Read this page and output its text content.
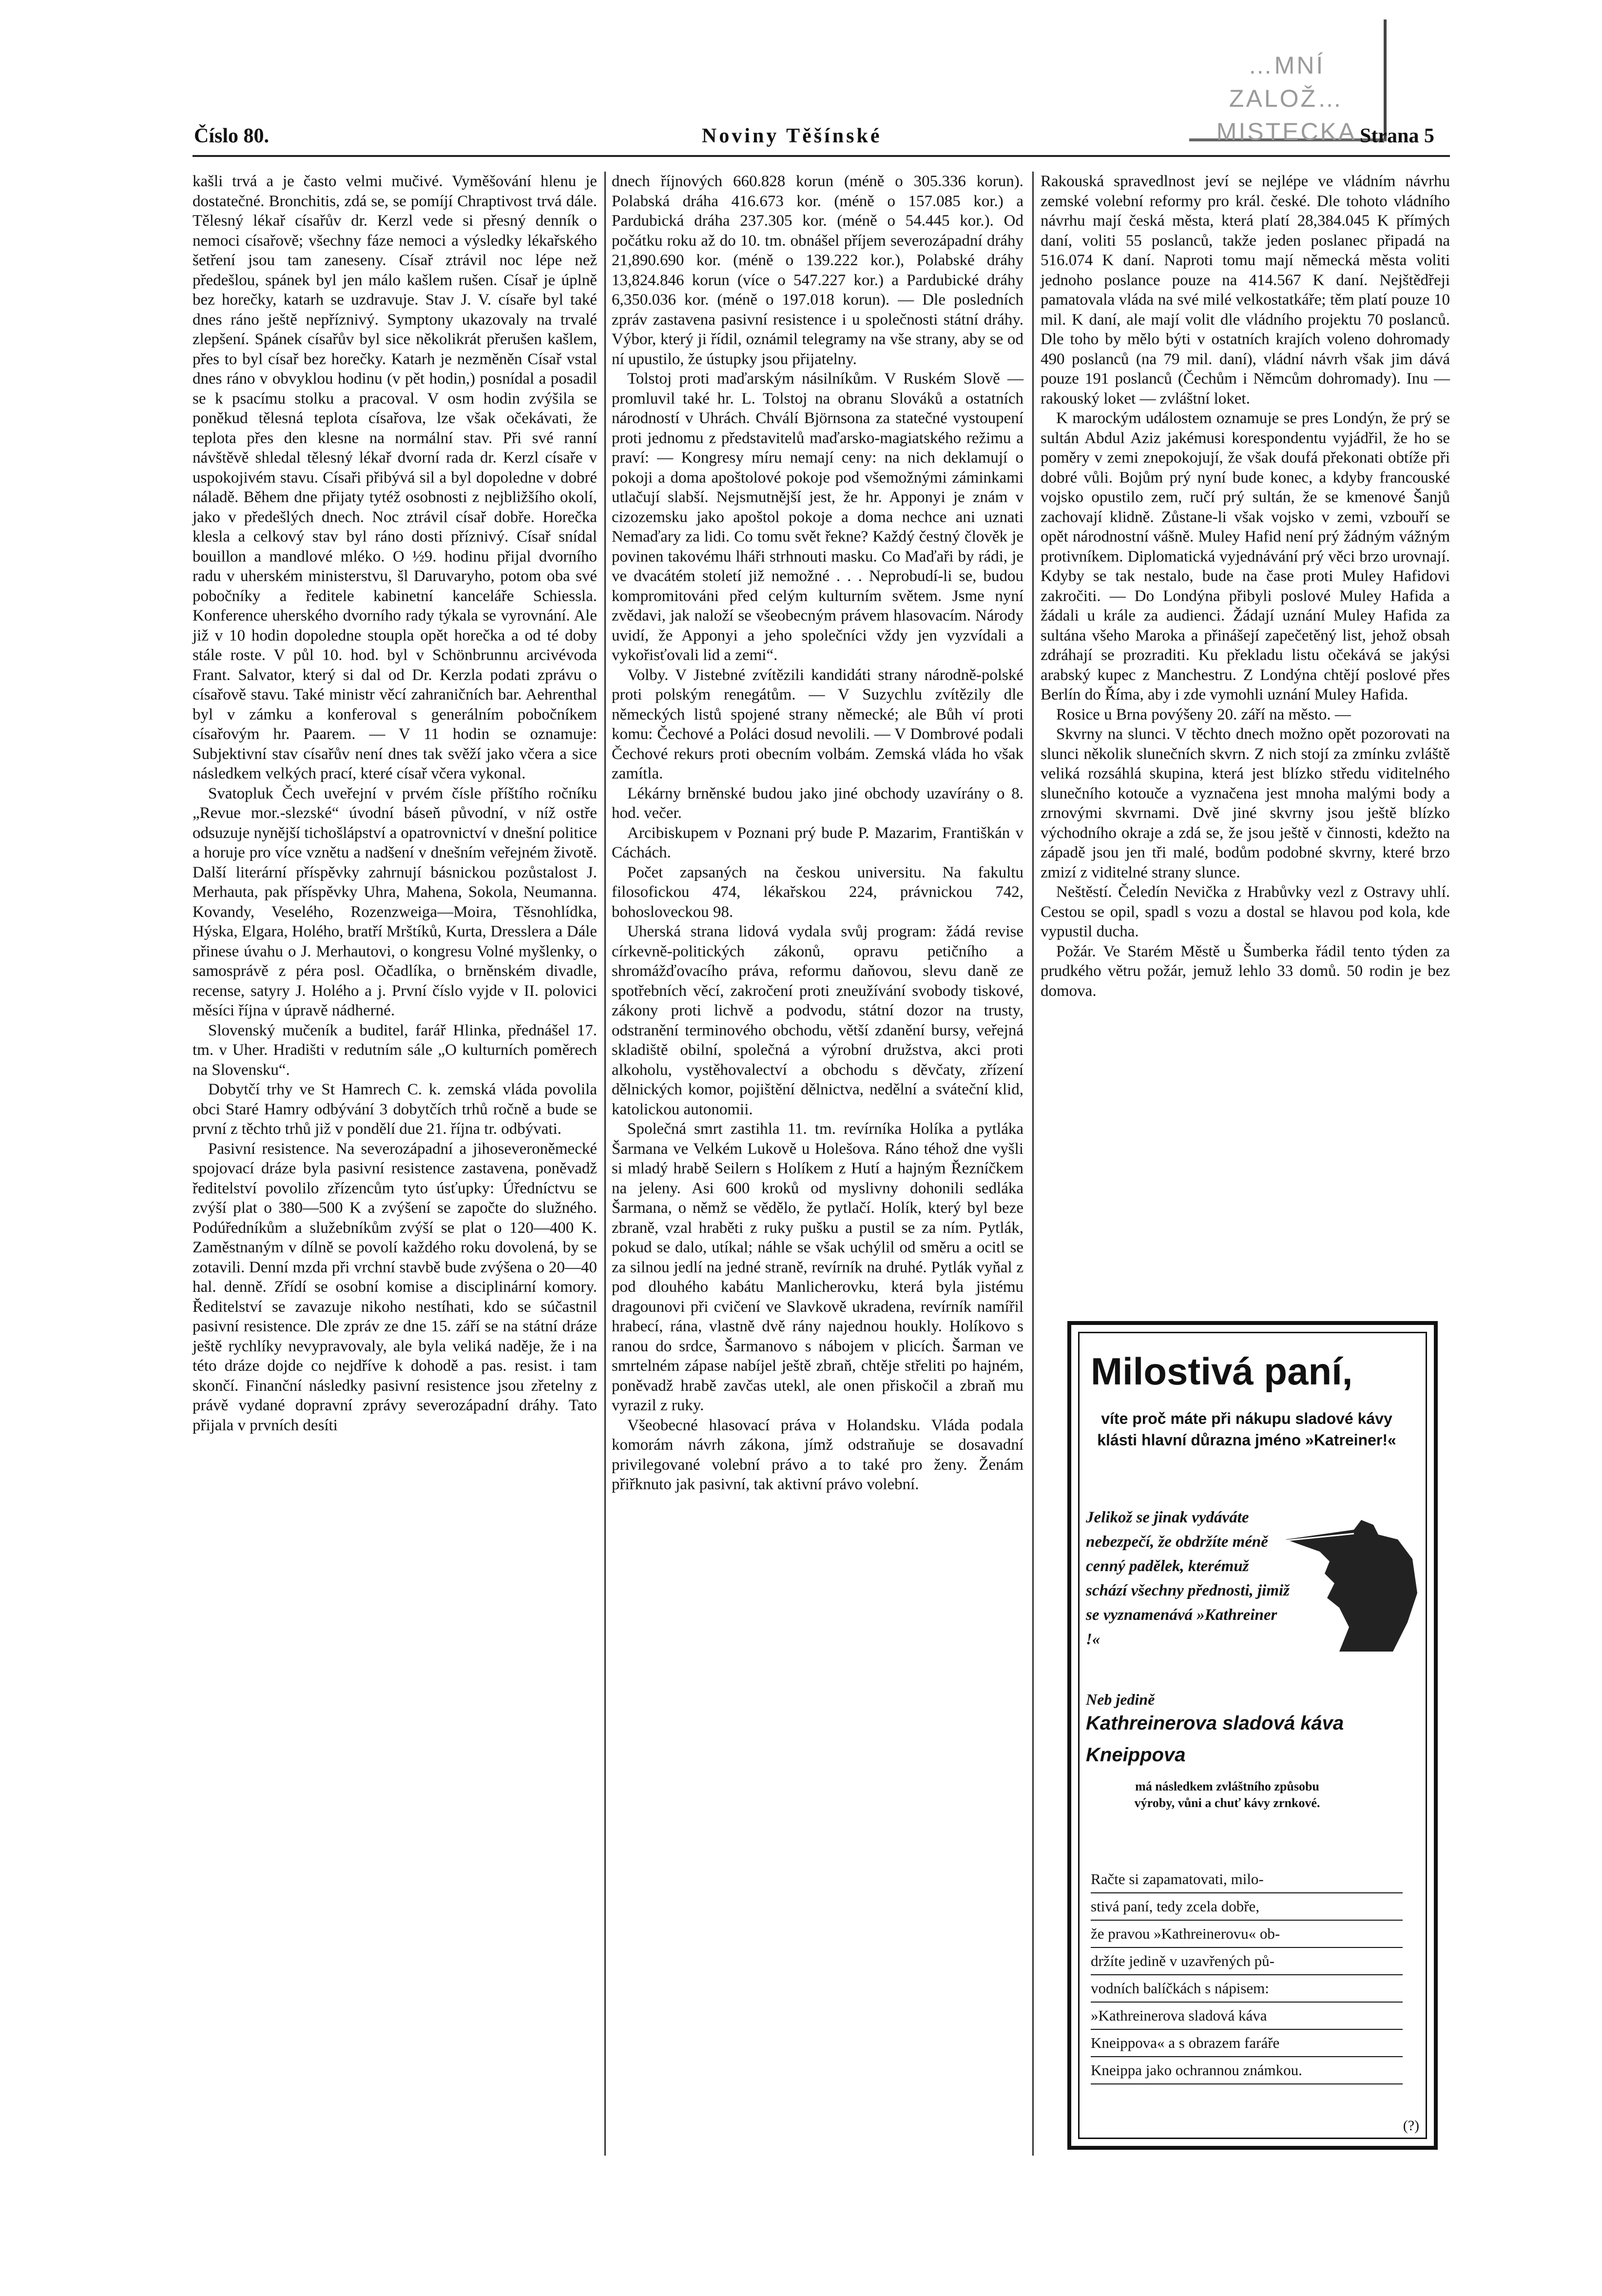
…MNÍ ZALOŽ…
MISTECKA
Číslo 80.	Noviny Těšínské	Strana 5

kašli trvá a je často velmi mučivé. Vyměšování hlenu je dostatečné. Bronchitis, zdá se, se pomíjí Chraptivost trvá dále. Tělesný lékař císařův dr. Kerzl vede si přesný denník o nemoci císařově; všechny fáze nemoci a výsledky lékařského šetření jsou tam zaneseny. Císař ztrávil noc lépe než předešlou, spánek byl jen málo kašlem rušen. Císař je úplně bez horečky, katarh se uzdravuje. Stav J. V. císaře byl také dnes ráno ještě nepříznivý. Symptony ukazovaly na trvalé zlepšení. Spánek císařův byl sice několikrát přerušen kašlem, přes to byl císař bez horečky. Katarh je nezměněn Císař vstal dnes ráno v obvyklou hodinu (v pět hodin,) posnídal a posadil se k psacímu stolku a pracoval. V osm hodin zvýšila se poněkud tělesná teplota císařova, lze však očekávati, že teplota přes den klesne na normální stav. Při své ranní návštěvě shledal tělesný lékař dvorní rada dr. Kerzl císaře v uspokojivém stavu. Císaři přibývá sil a byl dopoledne v dobré náladě. Během dne přijaty tytéž osobnosti z nejbližšího okolí, jako v předešlých dnech. Noc ztrávil císař dobře. Horečka klesla a celkový stav byl ráno dosti příznivý. Císař snídal bouillon a mandlové mléko. O ½9. hodinu přijal dvorního radu v uherském ministerstvu, šl Daruvaryho, potom oba své pobočníky a ředitele kabinetní kanceláře Schiessla. Konference uherského dvorního rady týkala se vyrovnání. Ale již v 10 hodin dopoledne stoupla opět horečka a od té doby stále roste. V půl 10. hod. byl v Schönbrunnu arcivévoda Frant. Salvator, který si dal od Dr. Kerzla podati zprávu o císařově stavu. Také ministr věcí zahraničních bar. Aehrenthal byl v zámku a konferoval s generálním pobočníkem císařovým hr. Paarem. — V 11 hodin se oznamuje: Subjektivní stav císařův není dnes tak svěží jako včera a sice následkem velkých prací, které císař včera vykonal.

Svatopluk Čech uveřejní v prvém čísle příštího ročníku „Revue mor.-slezské“ úvodní báseň původní, v níž ostře odsuzuje nynější tichošlápství a opatrovnictví v dnešní politice a horuje pro více vznětu a nadšení v dnešním veřejném životě. Další literární příspěvky zahrnují básnickou pozůstalost J. Merhauta, pak příspěvky Uhra, Mahena, Sokola, Neumanna. Kovandy, Veselého, Rozenzweiga—Moira, Těsnohlídka, Hýska, Elgara, Holého, bratří Mrštíků, Kurta, Dresslera a Dále přinese úvahu o J. Merhautovi, o kongresu Volné myšlenky, o samosprávě z péra posl. Očadlíka, o brněnském divadle, recense, satyry J. Holého a j. První číslo vyjde v II. polovici měsíci října v úpravě nádherné.

Slovenský mučeník a buditel, farář Hlinka, přednášel 17. tm. v Uher. Hradišti v redutním sále „O kulturních poměrech na Slovensku“.

Dobytčí trhy ve St Hamrech C. k. zemská vláda povolila obci Staré Hamry odbývání 3 dobytčích trhů ročně a bude se první z těchto trhů již v pondělí due 21. října tr. odbývati.

Pasivní resistence. Na severozápadní a jihoseveroněmecké spojovací dráze byla pasivní resistence zastavena, poněvadž ředitelství povolilo zřízencům tyto úsťupky: Úředníctvu se zvýší plat o 380—500 K a zvýšení se započte do služného. Podúředníkům a služebníkům zvýší se plat o 120—400 K. Zaměstnaným v dílně se povolí každého roku dovolená, by se zotavili. Denní mzda při vrchní stavbě bude zvýšena o 20—40 hal. denně. Zřídí se osobní komise a disciplinární komory. Ředitelství se zavazuje nikoho nestíhati, kdo se súčastnil pasivní resistence. Dle zpráv ze dne 15. září se na státní dráze ještě rychlíky nevypravovaly, ale byla veliká naděje, že i na této dráze dojde co nejdříve k dohodě a pas. resist. i tam skončí. Finanční následky pasivní resistence jsou zřetelny z právě vydané dopravní zprávy severozápadní dráhy. Tato přijala v prvních desíti

dnech říjnových 660.828 korun (méně o 305.336 korun). Polabská dráha 416.673 kor. (méně o 157.085 kor.) a Pardubická dráha 237.305 kor. (méně o 54.445 kor.). Od počátku roku až do 10. tm. obnášel příjem severozápadní dráhy 21,890.690 kor. (méně o 139.222 kor.), Polabské dráhy 13,824.846 korun (více o 547.227 kor.) a Pardubické dráhy 6,350.036 kor. (méně o 197.018 korun). — Dle posledních zpráv zastavena pasivní resistence i u společnosti státní dráhy. Výbor, který ji řídil, oznámil telegramy na vše strany, aby se od ní upustilo, že ústupky jsou přijatelny.

Tolstoj proti maďarským násilníkům. V Ruském Slově — promluvil také hr. L. Tolstoj na obranu Slováků a ostatních národností v Uhrách. Chválí Björnsona za statečné vystoupení proti jednomu z představitelů maďarsko-magiatského režimu a praví: — Kongresy míru nemají ceny: na nich deklamují o pokoji a doma apoštolové pokoje pod všemožnými záminkami utlačují slabší. Nejsmutnější jest, že hr. Apponyi je znám v cizozemsku jako apoštol pokoje a doma nechce ani uznati Nemaďary za lidi. Co tomu svět řekne? Každý čestný člověk je povinen takovému lháři strhnouti masku. Co Maďaři by rádi, je ve dvacátém století již nemožné . . . Neprobudí-li se, budou kompromitováni před celým kulturním světem. Jsme nyní zvědavi, jak naloží se všeobecným právem hlasovacím. Národy uvidí, že Apponyi a jeho společníci vždy jen vyzvídali a vykořisťovali lid a zemi“.

Volby. V Jistebné zvítězili kandidáti strany národně-polské proti polským renegátům. — V Suzychlu zvítězily dle německých listů spojené strany německé; ale Bůh ví proti komu: Čechové a Poláci dosud nevolili. — V Dombrové podali Čechové rekurs proti obecním volbám. Zemská vláda ho však zamítla.

Lékárny brněnské budou jako jiné obchody uzavírány o 8. hod. večer.

Arcibiskupem v Poznani prý bude P. Mazarim, Františkán v Cáchách.

Počet zapsaných na českou universitu. Na fakultu filosofickou 474, lékařskou 224, právnickou 742, bohosloveckou 98.

Uherská strana lidová vydala svůj program: žádá revise církevně-politických zákonů, opravu petičního a shromážďovacího práva, reformu daňovou, slevu daně ze spotřebních věcí, zakročení proti zneužívání svobody tiskové, zákony proti lichvě a podvodu, státní dozor na trusty, odstranění terminového obchodu, větší zdanění bursy, veřejná skladiště obilní, společná a výrobní družstva, akci proti alkoholu, vystěhovalectví a obchodu s děvčaty, zřízení dělnických komor, pojištění dělnictva, nedělní a sváteční klid, katolickou autonomii.

Společná smrt zastihla 11. tm. revírníka Holíka a pytláka Šarmana ve Velkém Lukově u Holešova. Ráno téhož dne vyšli si mladý hrabě Seilern s Holíkem z Hutí a hajným Řezníčkem na jeleny. Asi 600 kroků od myslivny dohonili sedláka Šarmana, o němž se vědělo, že pytlačí. Holík, který byl beze zbraně, vzal hraběti z ruky pušku a pustil se za ním. Pytlák, pokud se dalo, utíkal; náhle se však uchýlil od směru a ocitl se za silnou jedlí na jedné straně, revírník na druhé. Pytlák vyňal z pod dlouhého kabátu Manlicherovku, která byla jistému dragounovi při cvičení ve Slavkově ukradena, revírník namířil hrabecí, rána, vlastně dvě rány najednou houkly. Holíkovo s ranou do srdce, Šarmanovo s nábojem v plicích. Šarman ve smrtelném zápase nabíjel ještě zbraň, chtěje střeliti po hajném, poněvadž hrabě zavčas utekl, ale onen přiskočil a zbraň mu vyrazil z ruky.

Všeobecné hlasovací práva v Holandsku. Vláda podala komorám návrh zákona, jímž odstraňuje se dosavadní privilegované volební právo a to také pro ženy. Ženám přiřknuto jak pasivní, tak aktivní právo volební.

Rakouská spravedlnost jeví se nejlépe ve vládním návrhu zemské volební reformy pro král. české. Dle tohoto vládního návrhu mají česká města, která platí 28,384.045 K přímých daní, voliti 55 poslanců, takže jeden poslanec připadá na 516.074 K daní. Naproti tomu mají německá města voliti jednoho poslance pouze na 414.567 K daní. Nejštědřeji pamatovala vláda na své milé velkostatkáře; těm platí pouze 10 mil. K daní, ale mají volit dle vládního projektu 70 poslanců. Dle toho by mělo býti v ostatních krajích voleno dohromady 490 poslanců (na 79 mil. daní), vládní návrh však jim dává pouze 191 poslanců (Čechům i Němcům dohromady). Inu — rakouský loket — zvláštní loket.

K marockým událostem oznamuje se pres Londýn, že prý se sultán Abdul Aziz jakémusi korespondentu vyjádřil, že ho se poměry v zemi znepokojují, že však doufá překonati obtíže při dobré vůli. Bojům prý nyní bude konec, a kdyby francouské vojsko opustilo zem, ručí prý sultán, že se kmenové Šanjů zachovají klidně. Zůstane-li však vojsko v zemi, vzbouří se opět národnostní vášně. Muley Hafid není prý žádným vážným protivníkem. Diplomatická vyjednávání prý věci brzo urovnají. Kdyby se tak nestalo, bude na čase proti Muley Hafidovi zakročiti. — Do Londýna přibyli poslové Muley Hafida a žádali u krále za audienci. Žádají uznání Muley Hafida za sultána všeho Maroka a přinášejí zapečetěný list, jehož obsah zdráhají se prozraditi. Ku překladu listu očekává se jakýsi arabský kupec z Manchestru. Z Londýna chtějí poslové přes Berlín do Říma, aby i zde vymohli uznání Muley Hafida.

Rosice u Brna povýšeny 20. září na město. —

Skvrny na slunci. V těchto dnech možno opět pozorovati na slunci několik slunečních skvrn. Z nich stojí za zmínku zvláště veliká rozsáhlá skupina, která jest blízko středu viditelného slunečního kotouče a vyznačena jest mnoha malými body a zrnovými skvrnami. Dvě jiné skvrny jsou ještě blízko východního okraje a zdá se, že jsou ještě v činnosti, kdežto na západě jsou jen tři malé, bodům podobné skvrny, které brzo zmizí z viditelné strany slunce.

Neštěstí. Čeledín Nevička z Hrabůvky vezl z Ostravy uhlí. Cestou se opil, spadl s vozu a dostal se hlavou pod kola, kde vypustil ducha.

Požár. Ve Starém Městě u Šumberka řádil tento týden za prudkého větru požár, jemuž lehlo 33 domů. 50 rodin je bez domova.

Milostivá paní,
víte proč máte při nákupu sladové kávy klásti hlavní důrazna jméno »Katreiner!«
Jelikož se jinak vydáváte nebezpečí, že obdržíte méně cenný padělek, kterémuž schází všechny přednosti, jimiž se vyznamenává »Kathreiner !«
Neb jedině
Kathreinerova sladová káva
Kneippova
má následkem zvláštního způsobu výroby, vůni a chuť kávy zrnkové.
Račte si zapamatovati, milo-
stivá paní, tedy zcela dobře,
že pravou »Kathreinerovu« ob-
držíte jedině v uzavřených pů-
vodních balíčkách s nápisem:
»Kathreinerova sladová káva
Kneippova« a s obrazem faráře
Kneippa jako ochrannou známkou.
(?)
